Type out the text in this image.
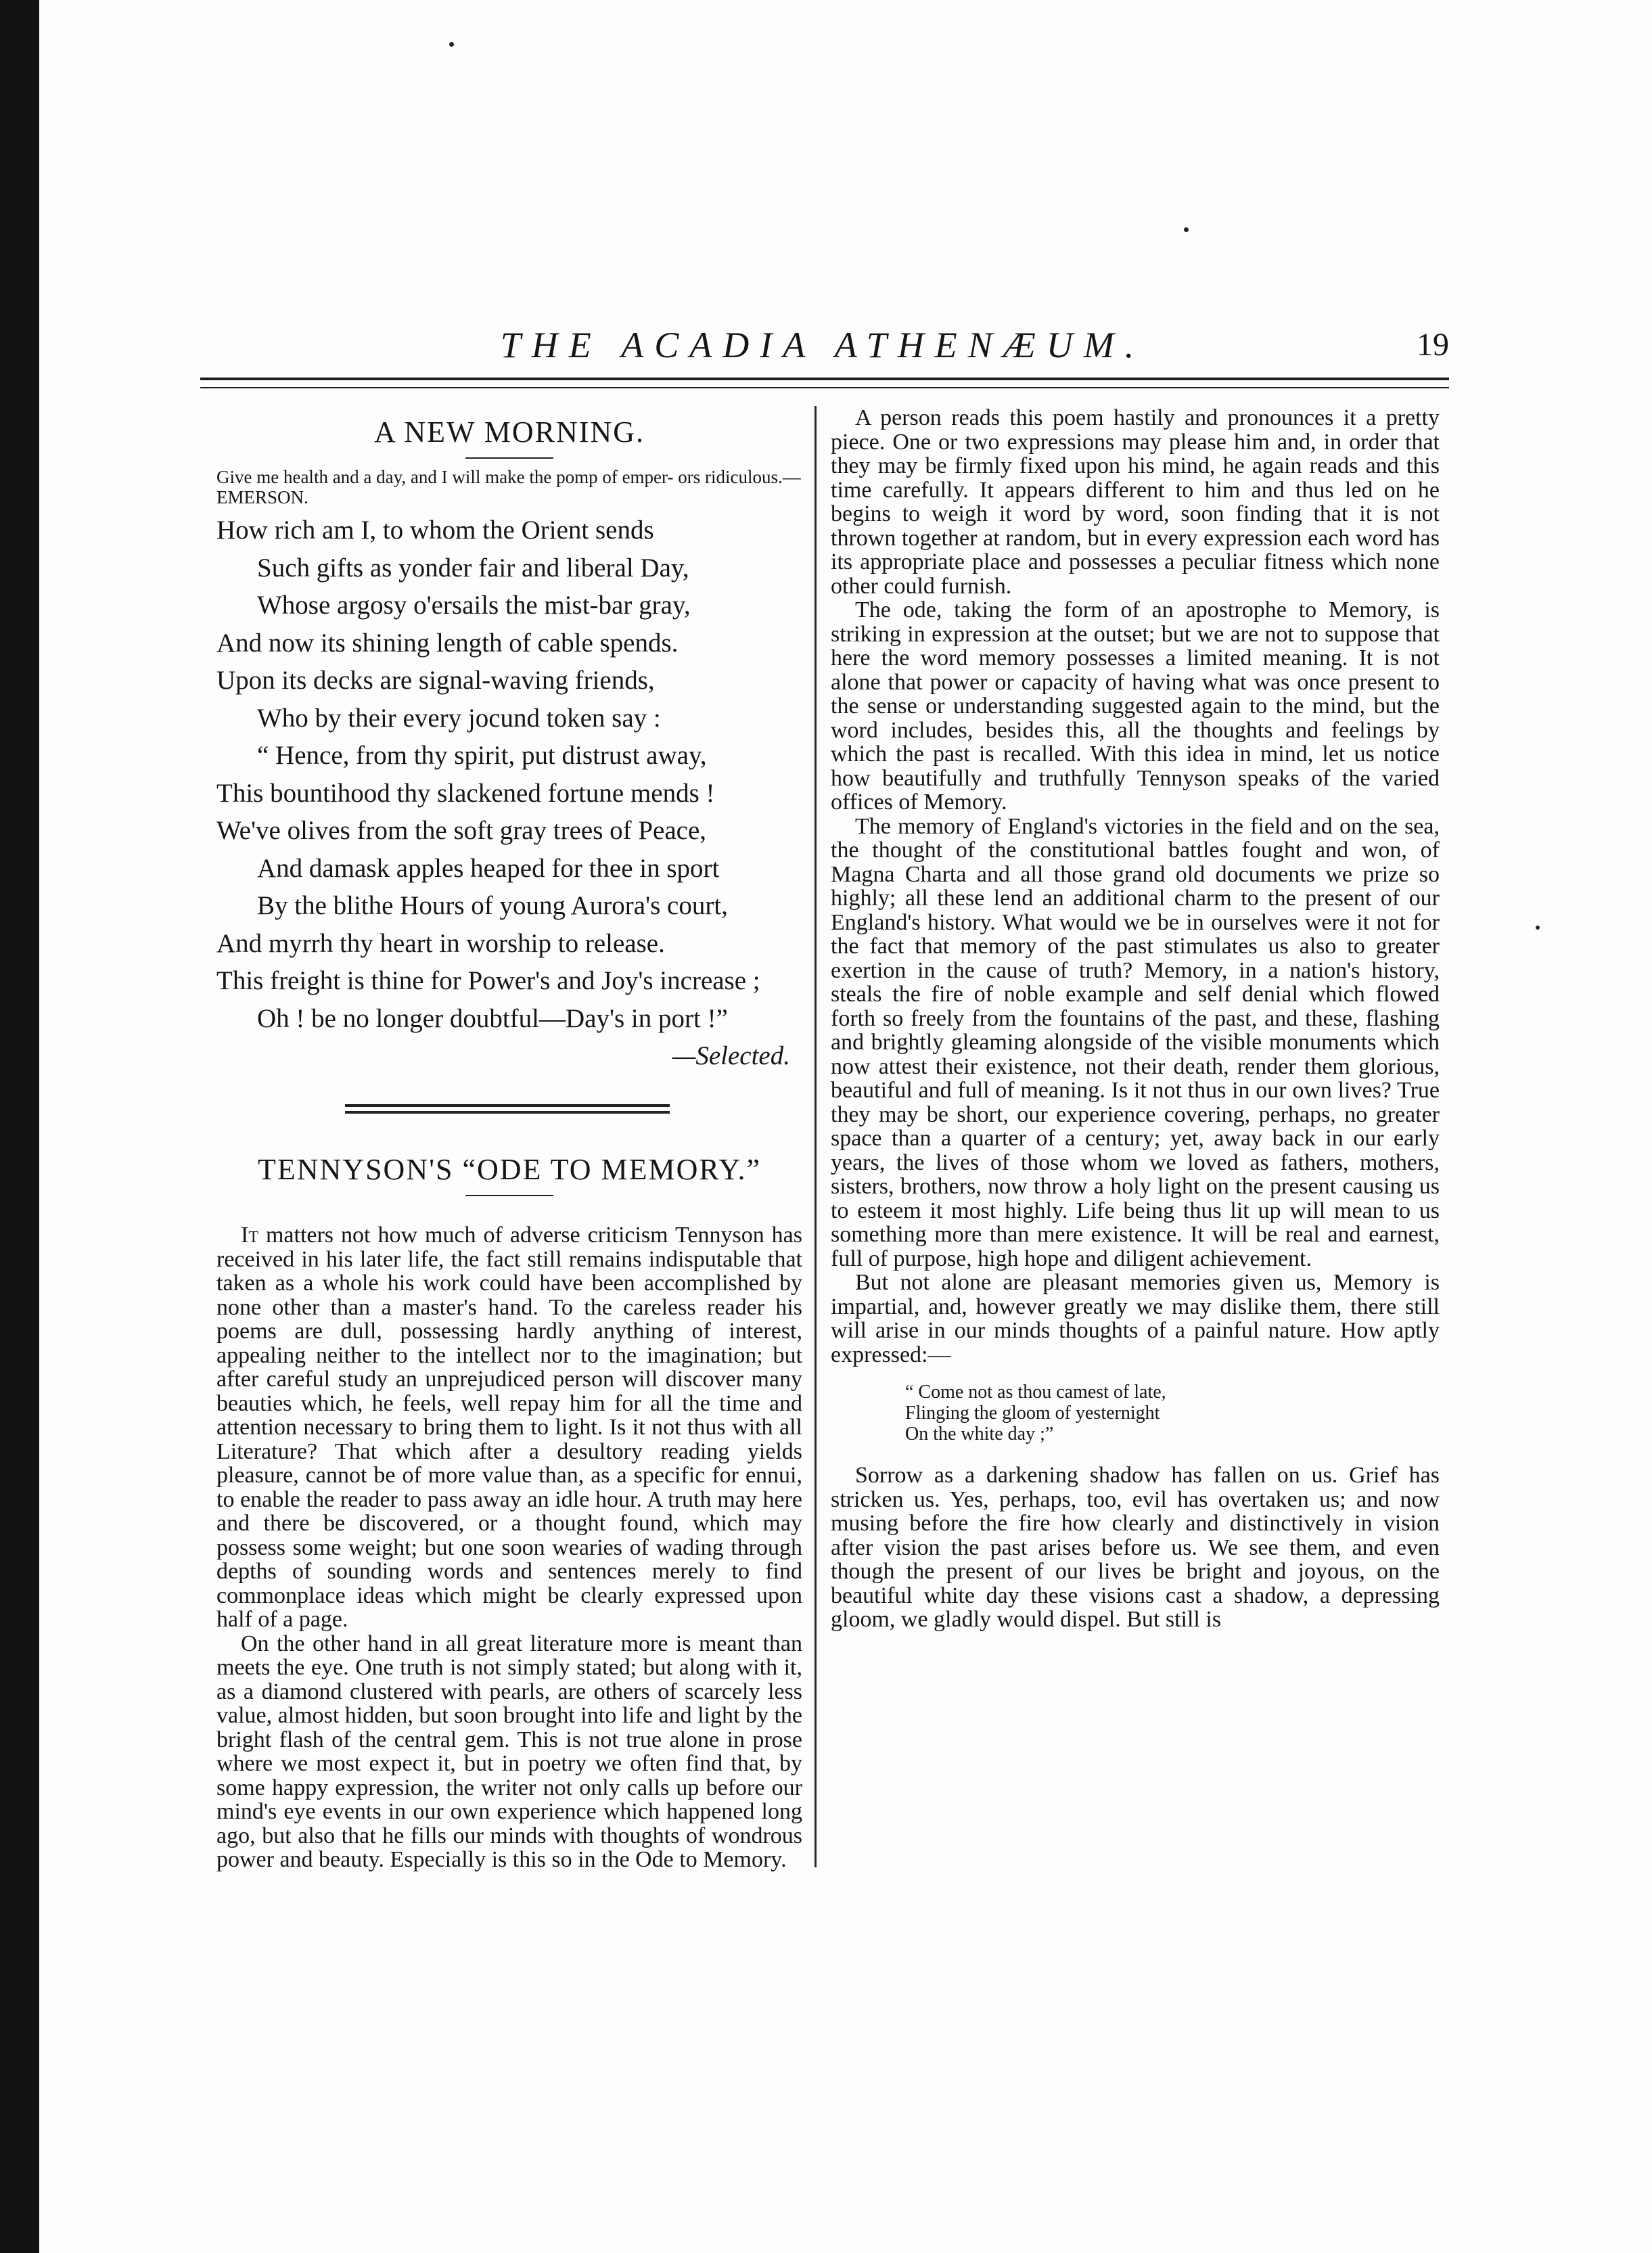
THE ACADIA ATHENÆUM.	19
A NEW MORNING.

Give me health and a day, and I will make the pomp of emper- ors ridiculous.—EMERSON.

How rich am I, to whom the Orient sends
Such gifts as yonder fair and liberal Day,
Whose argosy o'ersails the mist-bar gray,
And now its shining length of cable spends.
Upon its decks are signal-waving friends,
Who by their every jocund token say :
“ Hence, from thy spirit, put distrust away,
This bountihood thy slackened fortune mends !
We've olives from the soft gray trees of Peace,
And damask apples heaped for thee in sport
By the blithe Hours of young Aurora's court,
And myrrh thy heart in worship to release.
This freight is thine for Power's and Joy's increase ;
Oh ! be no longer doubtful—Day's in port !”
—Selected.
TENNYSON'S “ODE TO MEMORY.”

It matters not how much of adverse criticism Tennyson has received in his later life, the fact still remains indisputable that taken as a whole his work could have been accomplished by none other than a master's hand. To the careless reader his poems are dull, possessing hardly anything of interest, appealing neither to the intellect nor to the imagination; but after careful study an unprejudiced person will discover many beauties which, he feels, well repay him for all the time and attention necessary to bring them to light. Is it not thus with all Literature? That which after a desultory reading yields pleasure, cannot be of more value than, as a specific for ennui, to enable the reader to pass away an idle hour. A truth may here and there be discovered, or a thought found, which may possess some weight; but one soon wearies of wading through depths of sounding words and sentences merely to find commonplace ideas which might be clearly expressed upon half of a page.

On the other hand in all great literature more is meant than meets the eye. One truth is not simply stated; but along with it, as a diamond clustered with pearls, are others of scarcely less value, almost hidden, but soon brought into life and light by the bright flash of the central gem. This is not true alone in prose where we most expect it, but in poetry we often find that, by some happy expression, the writer not only calls up before our mind's eye events in our own experience which happened long ago, but also that he fills our minds with thoughts of wondrous power and beauty. Especially is this so in the Ode to Memory.

A person reads this poem hastily and pronounces it a pretty piece. One or two expressions may please him and, in order that they may be firmly fixed upon his mind, he again reads and this time carefully. It appears different to him and thus led on he begins to weigh it word by word, soon finding that it is not thrown together at random, but in every expression each word has its appropriate place and possesses a peculiar fitness which none other could furnish.

The ode, taking the form of an apostrophe to Memory, is striking in expression at the outset; but we are not to suppose that here the word memory possesses a limited meaning. It is not alone that power or capacity of having what was once present to the sense or understanding suggested again to the mind, but the word includes, besides this, all the thoughts and feelings by which the past is recalled. With this idea in mind, let us notice how beautifully and truthfully Tennyson speaks of the varied offices of Memory.

The memory of England's victories in the field and on the sea, the thought of the constitutional battles fought and won, of Magna Charta and all those grand old documents we prize so highly; all these lend an additional charm to the present of our England's history. What would we be in ourselves were it not for the fact that memory of the past stimulates us also to greater exertion in the cause of truth? Memory, in a nation's history, steals the fire of noble example and self denial which flowed forth so freely from the fountains of the past, and these, flashing and brightly gleaming alongside of the visible monuments which now attest their existence, not their death, render them glorious, beautiful and full of meaning. Is it not thus in our own lives? True they may be short, our experience covering, perhaps, no greater space than a quarter of a century; yet, away back in our early years, the lives of those whom we loved as fathers, mothers, sisters, brothers, now throw a holy light on the present causing us to esteem it most highly. Life being thus lit up will mean to us something more than mere existence. It will be real and earnest, full of purpose, high hope and diligent achievement.

But not alone are pleasant memories given us, Memory is impartial, and, however greatly we may dislike them, there still will arise in our minds thoughts of a painful nature. How aptly expressed:—

“ Come not as thou camest of late,
Flinging the gloom of yesternight
On the white day ;”

Sorrow as a darkening shadow has fallen on us. Grief has stricken us. Yes, perhaps, too, evil has overtaken us; and now musing before the fire how clearly and distinctively in vision after vision the past arises before us. We see them, and even though the present of our lives be bright and joyous, on the beautiful white day these visions cast a shadow, a depressing gloom, we gladly would dispel. But still is
